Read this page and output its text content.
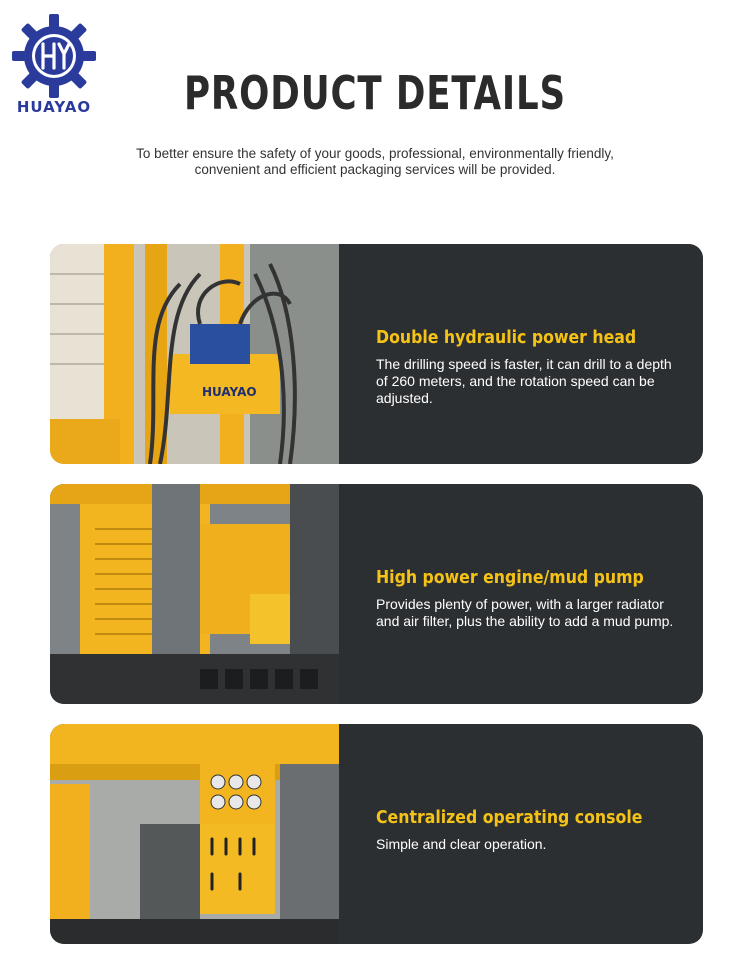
HUAYAO	PRODUCT DETAILS
To better ensure the safety of your goods, professional, environmentally friendly,
convenient and efficient packaging services will be provided.
HUAYAO
Double hydraulic power head

The drilling speed is faster, it can drill to a depth of 260 meters, and the rotation speed can be adjusted.

High power engine/mud pump

Provides plenty of power, with a larger radiator and air filter, plus the ability to add a mud pump.

Centralized operating console

Simple and clear operation.
